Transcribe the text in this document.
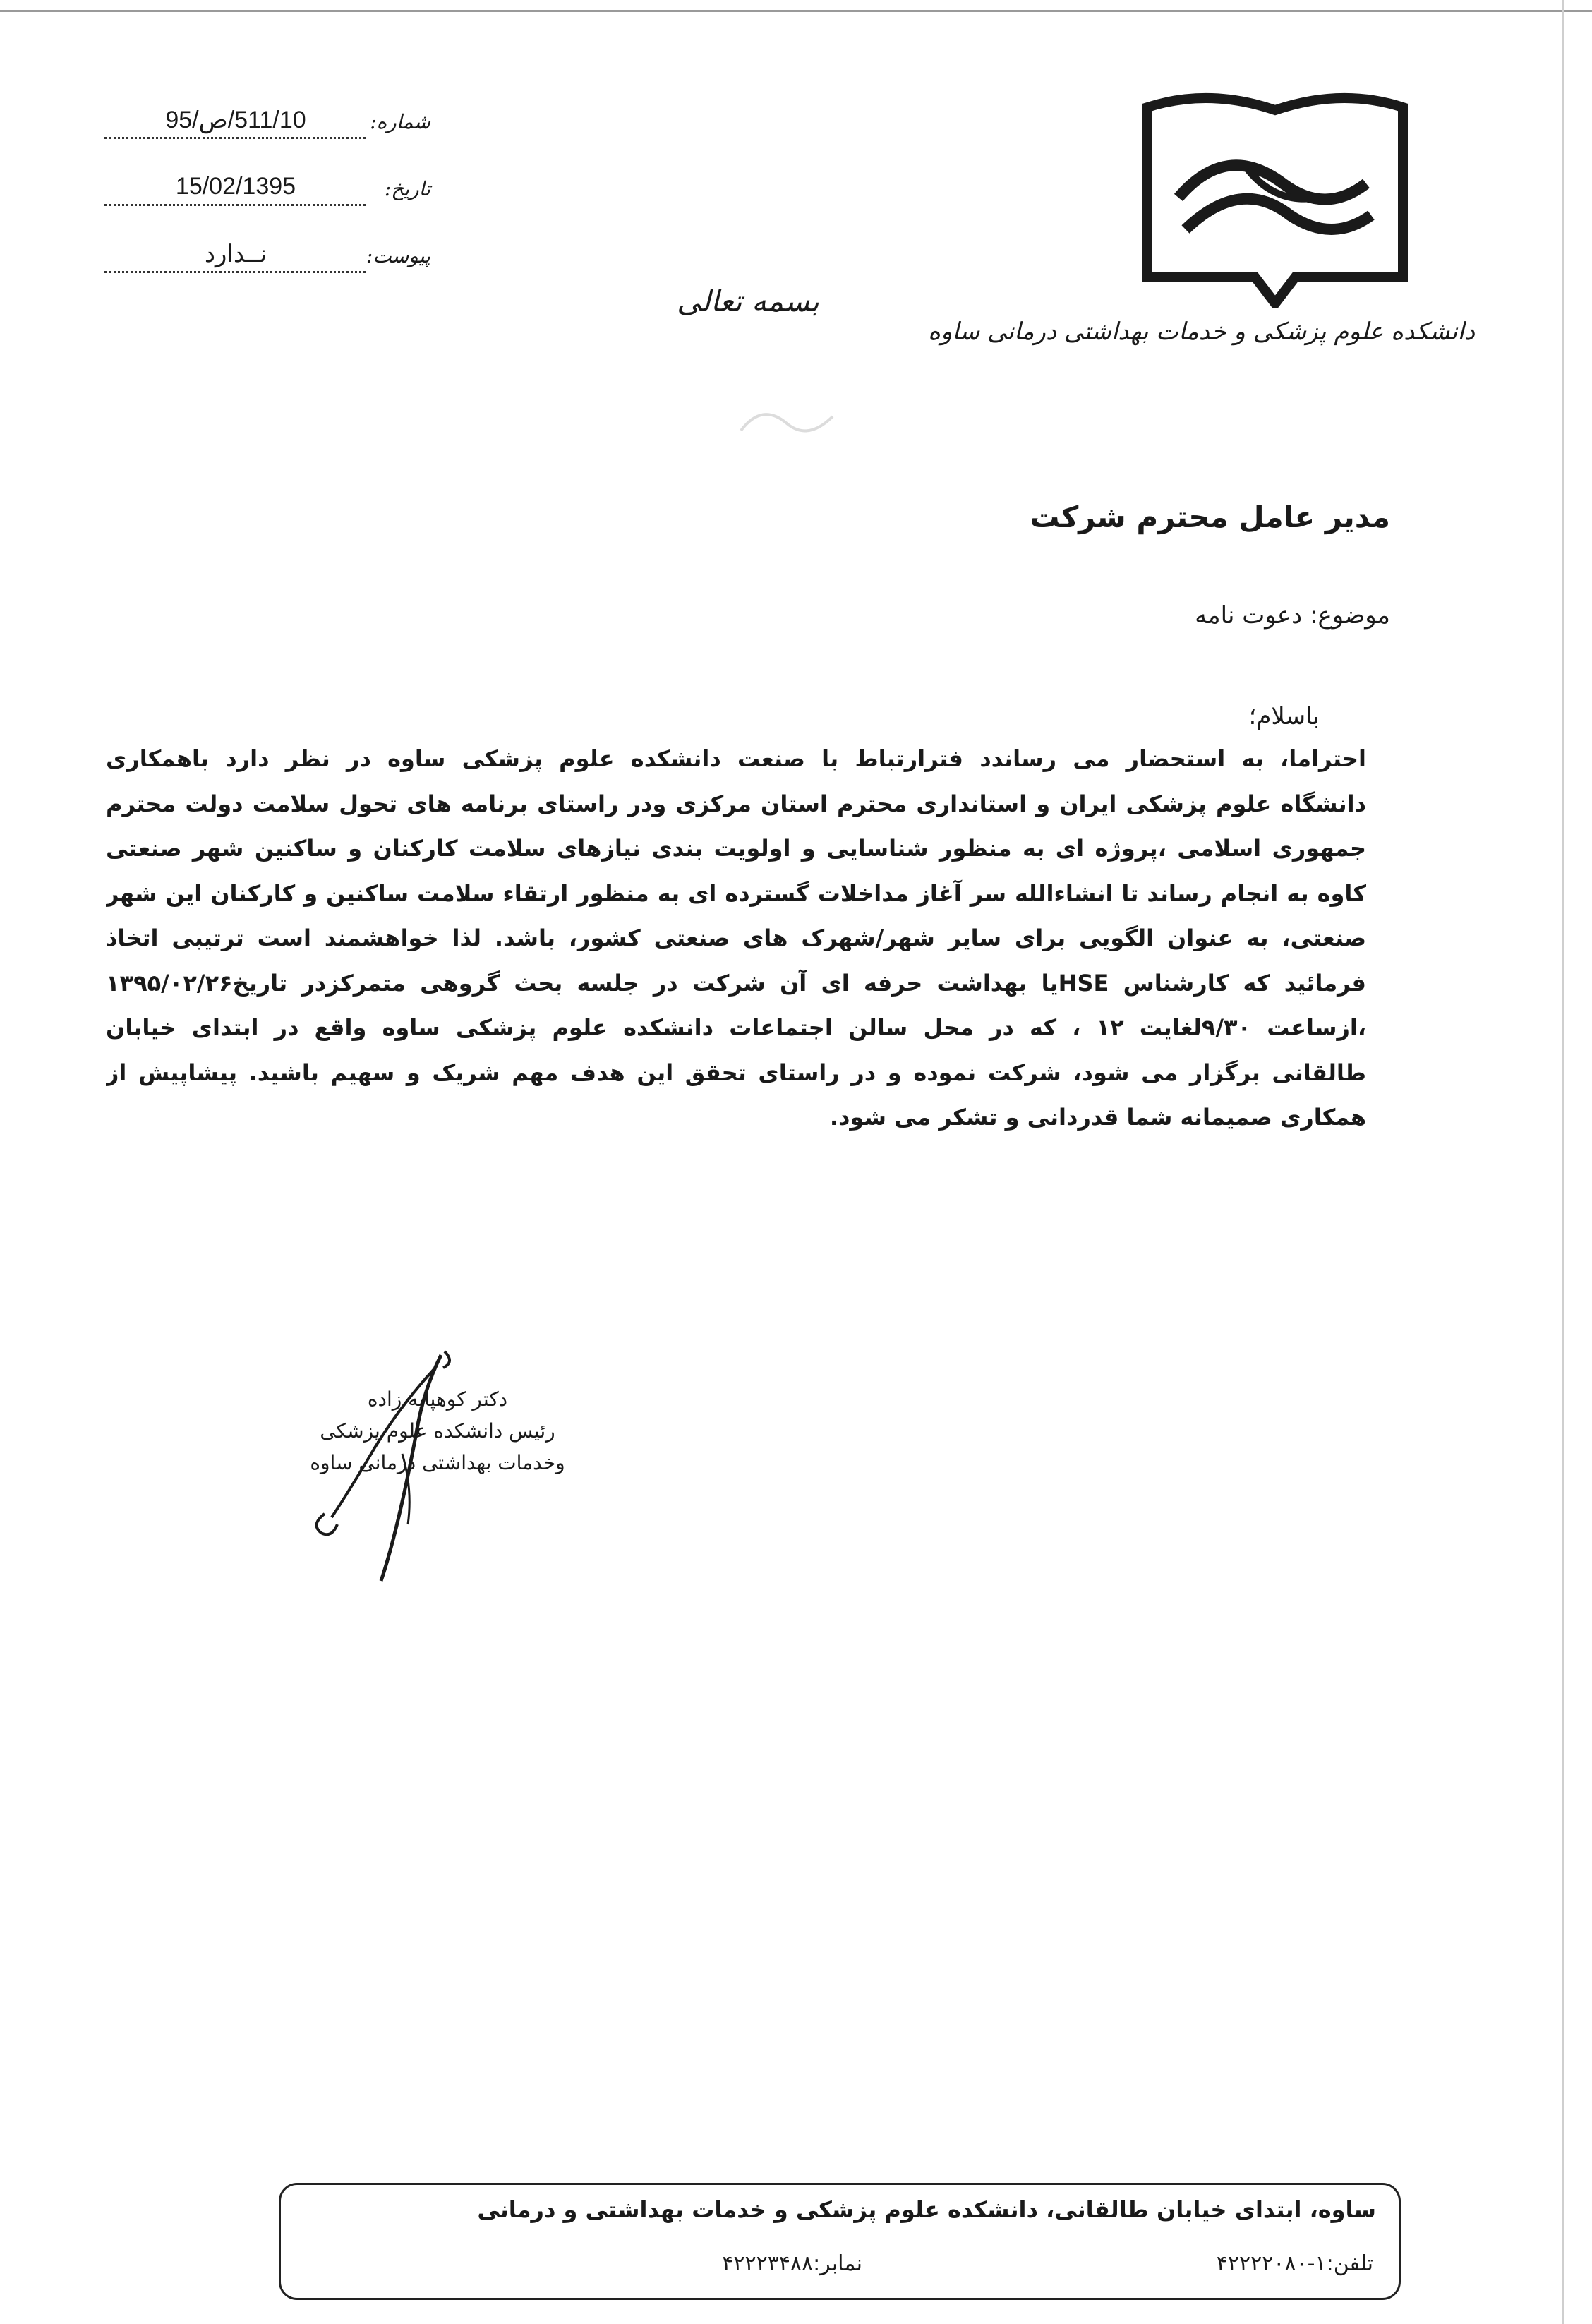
دانشکده علوم پزشکی و خدمات بهداشتی درمانی ساوه
شماره:
511/10/ص/95
تاریخ:
15/02/1395
پیوست:
نــدارد
بسمه تعالی
مدیر عامل محترم شرکت
موضوع: دعوت نامه
باسلام؛
احتراما، به استحضار می رساندد فترارتباط با صنعت دانشکده علوم پزشکی ساوه در نظر دارد باهمکاری
دانشگاه علوم پزشکی ایران و استانداری محترم استان مرکزی ودر راستای برنامه های تحول سلامت دولت محترم
جمهوری اسلامی ،پروژه ای به منظور شناسایی و اولویت بندی نیازهای سلامت کارکنان و ساکنین شهر صنعتی
کاوه به انجام رساند تا انشاءالله سر آغاز مداخلات گسترده ای به منظور ارتقاء سلامت ساکنین و کارکنان این شهر
صنعتی، به عنوان الگویی برای سایر شهر/شهرک های صنعتی کشور، باشد. لذا خواهشمند است ترتیبی اتخاذ
فرمائید که کارشناس HSEیا بهداشت حرفه ای آن شرکت در جلسه بحث گروهی متمرکزدر تاریخ۱۳۹۵/۰۲/۲۶
،ازساعت ۹/۳۰لغایت ۱۲ ، که در محل سالن اجتماعات دانشکده علوم پزشکی ساوه واقع در ابتدای خیابان
طالقانی برگزار می شود، شرکت نموده و در راستای تحقق این هدف مهم شریک و سهیم باشید. پیشاپیش از
همکاری صمیمانه شما قدردانی و تشکر می شود.
دکتر کوهپایه زاده
رئیس دانشکده علوم پزشکی
وخدمات بهداشتی درمانی ساوه
ساوه، ابتدای خیابان طالقانی، دانشکده علوم پزشکی و خدمات بهداشتی و درمانی
تلفن:۱-۴۲۲۲۲۰۸۰
نمابر:۴۲۲۲۳۴۸۸
